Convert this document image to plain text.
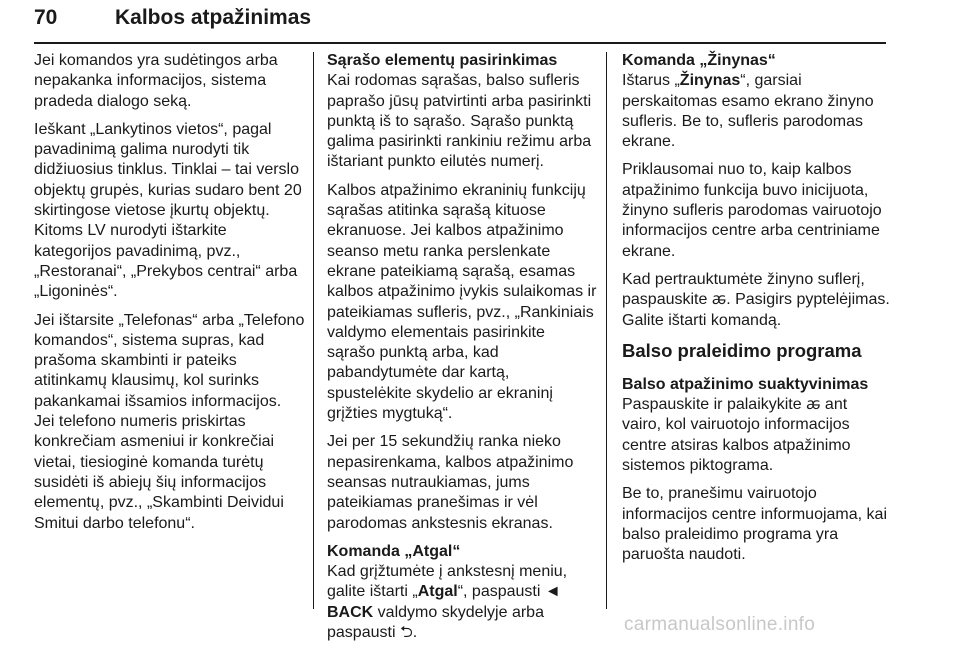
70	Kalbos atpažinimas

Jei komandos yra sudėtingos arba nepakanka informacijos, sistema pradeda dialogo seką.

Ieškant „Lankytinos vietos“, pagal pavadinimą galima nurodyti tik didžiuosius tinklus. Tinklai – tai verslo objektų grupės, kurias sudaro bent 20 skirtingose vietose įkurtų objektų. Kitoms LV nurodyti ištarkite kategorijos pavadinimą, pvz., „Restoranai“, „Prekybos centrai“ arba „Ligoninės“.

Jei ištarsite „Telefonas“ arba „Telefono komandos“, sistema supras, kad prašoma skambinti ir pateiks atitinkamų klausimų, kol surinks pakankamai išsamios informacijos. Jei telefono numeris priskirtas konkrečiam asmeniui ir konkrečiai vietai, tiesioginė komanda turėtų susidėti iš abiejų šių informacijos elementų, pvz., „Skambinti Deividui Smitui darbo telefonu“.

Sąrašo elementų pasirinkimas

Kai rodomas sąrašas, balso sufleris paprašo jūsų patvirtinti arba pasirinkti punktą iš to sąrašo. Sąrašo punktą galima pasirinkti rankiniu režimu arba ištariant punkto eilutės numerį.

Kalbos atpažinimo ekraninių funkcijų sąrašas atitinka sąrašą kituose ekranuose. Jei kalbos atpažinimo seanso metu ranka perslenkate ekrane pateikiamą sąrašą, esamas kalbos atpažinimo įvykis sulaikomas ir pateikiamas sufleris, pvz., „Rankiniais valdymo elementais pasirinkite sąrašo punktą arba, kad pabandytumėte dar kartą, spustelėkite skydelio ar ekraninį grįžties mygtuką“.

Jei per 15 sekundžių ranka nieko nepasirenkama, kalbos atpažinimo seansas nutraukiamas, jums pateikiamas pranešimas ir vėl parodomas ankstesnis ekranas.

Komanda „Atgal“

Kad grįžtumėte į ankstesnį meniu, galite ištarti „Atgal“, paspausti ◄ BACK valdymo skydelyje arba paspausti ⮌.

Komanda „Žinynas“

Ištarus „Žinynas“, garsiai perskaitomas esamo ekrano žinyno sufleris. Be to, sufleris parodomas ekrane.

Priklausomai nuo to, kaip kalbos atpažinimo funkcija buvo inicijuota, žinyno sufleris parodomas vairuotojo informacijos centre arba centriniame ekrane.

Kad pertrauktumėte žinyno suflerį, paspauskite ꬱ. Pasigirs pyptelėjimas. Galite ištarti komandą.

Balso praleidimo programa
Balso atpažinimo suaktyvinimas

Paspauskite ir palaikykite ꬱ ant vairo, kol vairuotojo informacijos centre atsiras kalbos atpažinimo sistemos piktograma.

Be to, pranešimu vairuotojo informacijos centre informuojama, kai balso praleidimo programa yra paruošta naudoti.

carmanualsonline.info
